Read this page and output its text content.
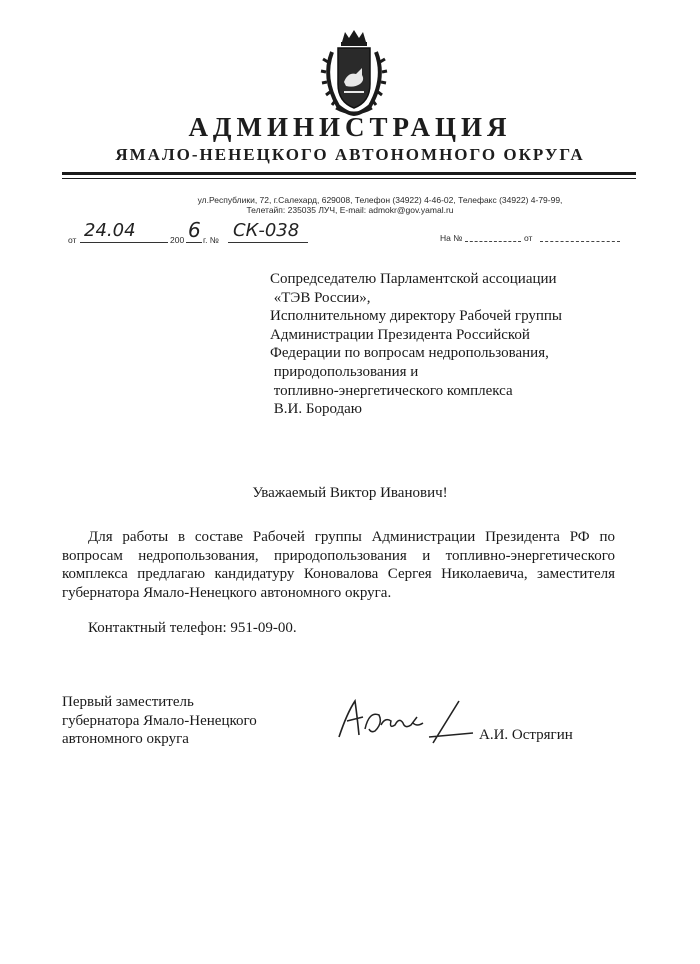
АДМИНИСТРАЦИЯ
ЯМАЛО-НЕНЕЦКОГО АВТОНОМНОГО ОКРУГА
ул.Республики, 72, г.Салехард, 629008, Телефон (34922) 4-46-02, Телефакс (34922) 4-79-99,
Телетайп: 235035 ЛУЧ, E-mail: admokr@gov.yamal.ru
от 24.04	200 6 г. № СК-038	На №	от
Сопредседателю Парламентской ассоциации
«ТЭВ России»,
Исполнительному директору Рабочей группы
Администрации Президента Российской
Федерации по вопросам недропользования,
природопользования и
топливно-энергетического комплекса
В.И. Бородаю
Уважаемый Виктор Иванович!

Для работы в составе Рабочей группы Администрации Президента РФ по вопросам недропользования, природопользования и топливно-энергетического комплекса предлагаю кандидатуру Коновалова Сергея Николаевича, заместителя губернатора Ямало-Ненецкого автономного округа.

Контактный телефон: 951-09-00.
Первый заместитель
губернатора Ямало-Ненецкого
автономного округа	А.И. Острягин
